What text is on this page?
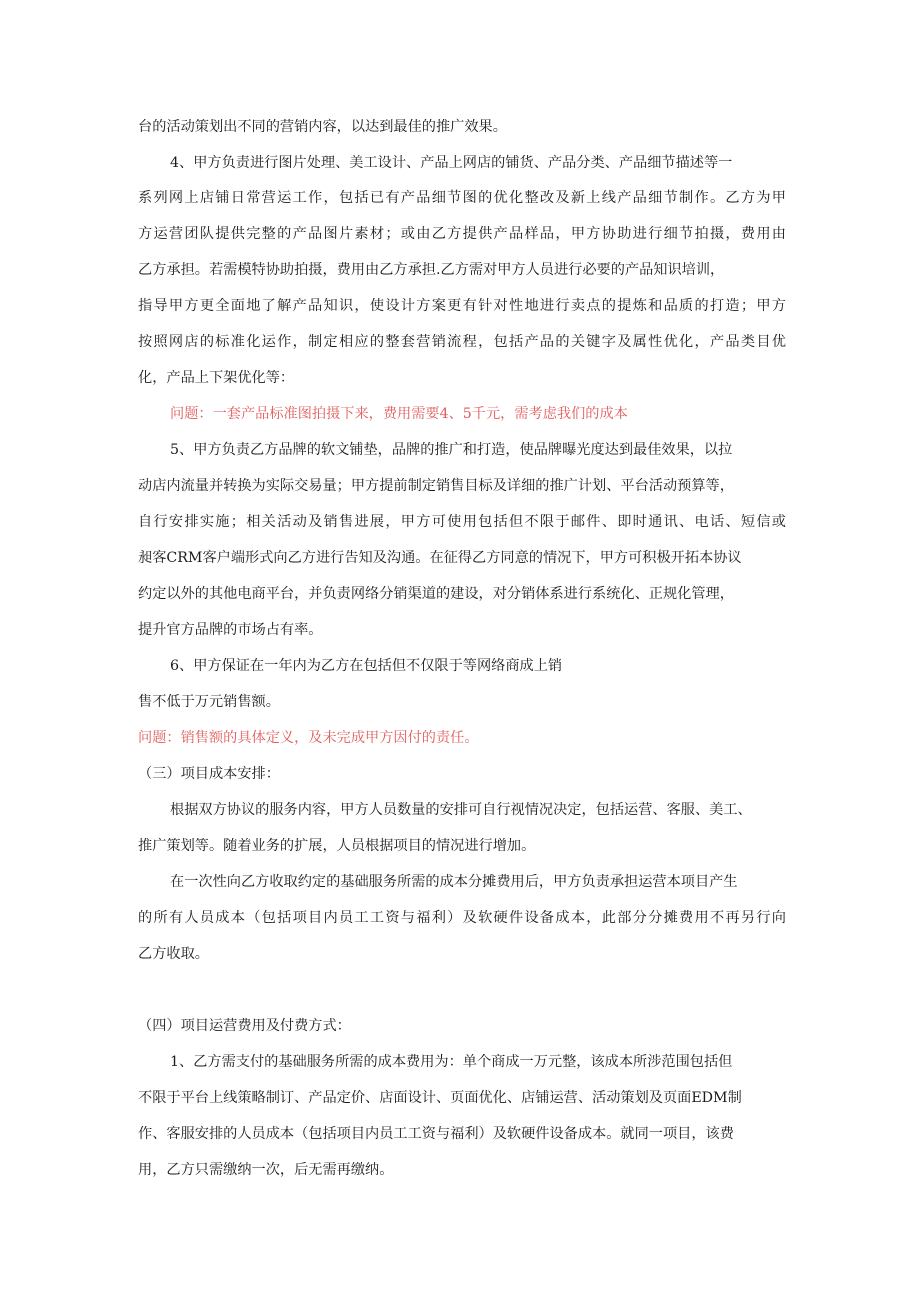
台的活动策划出不同的营销内容，以达到最佳的推广效果。
4、甲方负责进行图片处理、美工设计、产品上网店的铺货、产品分类、产品细节描述等一
系列网上店铺日常营运工作，包括已有产品细节图的优化整改及新上线产品细节制作。乙方为甲
方运营团队提供完整的产品图片素材；或由乙方提供产品样品，甲方协助进行细节拍摄，费用由
乙方承担。若需模特协助拍摄，费用由乙方承担.乙方需对甲方人员进行必要的产品知识培训，
指导甲方更全面地了解产品知识，使设计方案更有针对性地进行卖点的提炼和品质的打造；甲方
按照网店的标准化运作，制定相应的整套营销流程，包括产品的关键字及属性优化，产品类目优
化，产品上下架优化等：
问题：一套产品标准图拍摄下来，费用需要4、5千元，需考虑我们的成本
5、甲方负责乙方品牌的软文铺垫，品牌的推广和打造，使品牌曝光度达到最佳效果，以拉
动店内流量并转换为实际交易量；甲方提前制定销售目标及详细的推广计划、平台活动预算等，
自行安排实施；相关活动及销售进展，甲方可使用包括但不限于邮件、即时通讯、电话、短信或
昶客CRM客户端形式向乙方进行告知及沟通。在征得乙方同意的情况下，甲方可积极开拓本协议
约定以外的其他电商平台，并负责网络分销渠道的建设，对分销体系进行系统化、正规化管理，
提升官方品牌的市场占有率。
6、甲方保证在一年内为乙方在包括但不仅限于等网络商成上销
售不低于万元销售额。
问题：销售额的具体定义，及未完成甲方因付的责任。
（三）项目成本安排：
根据双方协议的服务内容，甲方人员数量的安排可自行视情况决定，包括运营、客服、美工、
推广策划等。随着业务的扩展，人员根据项目的情况进行增加。
在一次性向乙方收取约定的基础服务所需的成本分摊费用后，甲方负责承担运营本项目产生
的所有人员成本（包括项目内员工工资与福利）及软硬件设备成本，此部分分摊费用不再另行向
乙方收取。
（四）项目运营费用及付费方式：
1、乙方需支付的基础服务所需的成本费用为：单个商成一万元整，该成本所涉范围包括但
不限于平台上线策略制订、产品定价、店面设计、页面优化、店铺运营、活动策划及页面EDM制
作、客服安排的人员成本（包括项目内员工工资与福利）及软硬件设备成本。就同一项目，该费
用，乙方只需缴纳一次，后无需再缴纳。
